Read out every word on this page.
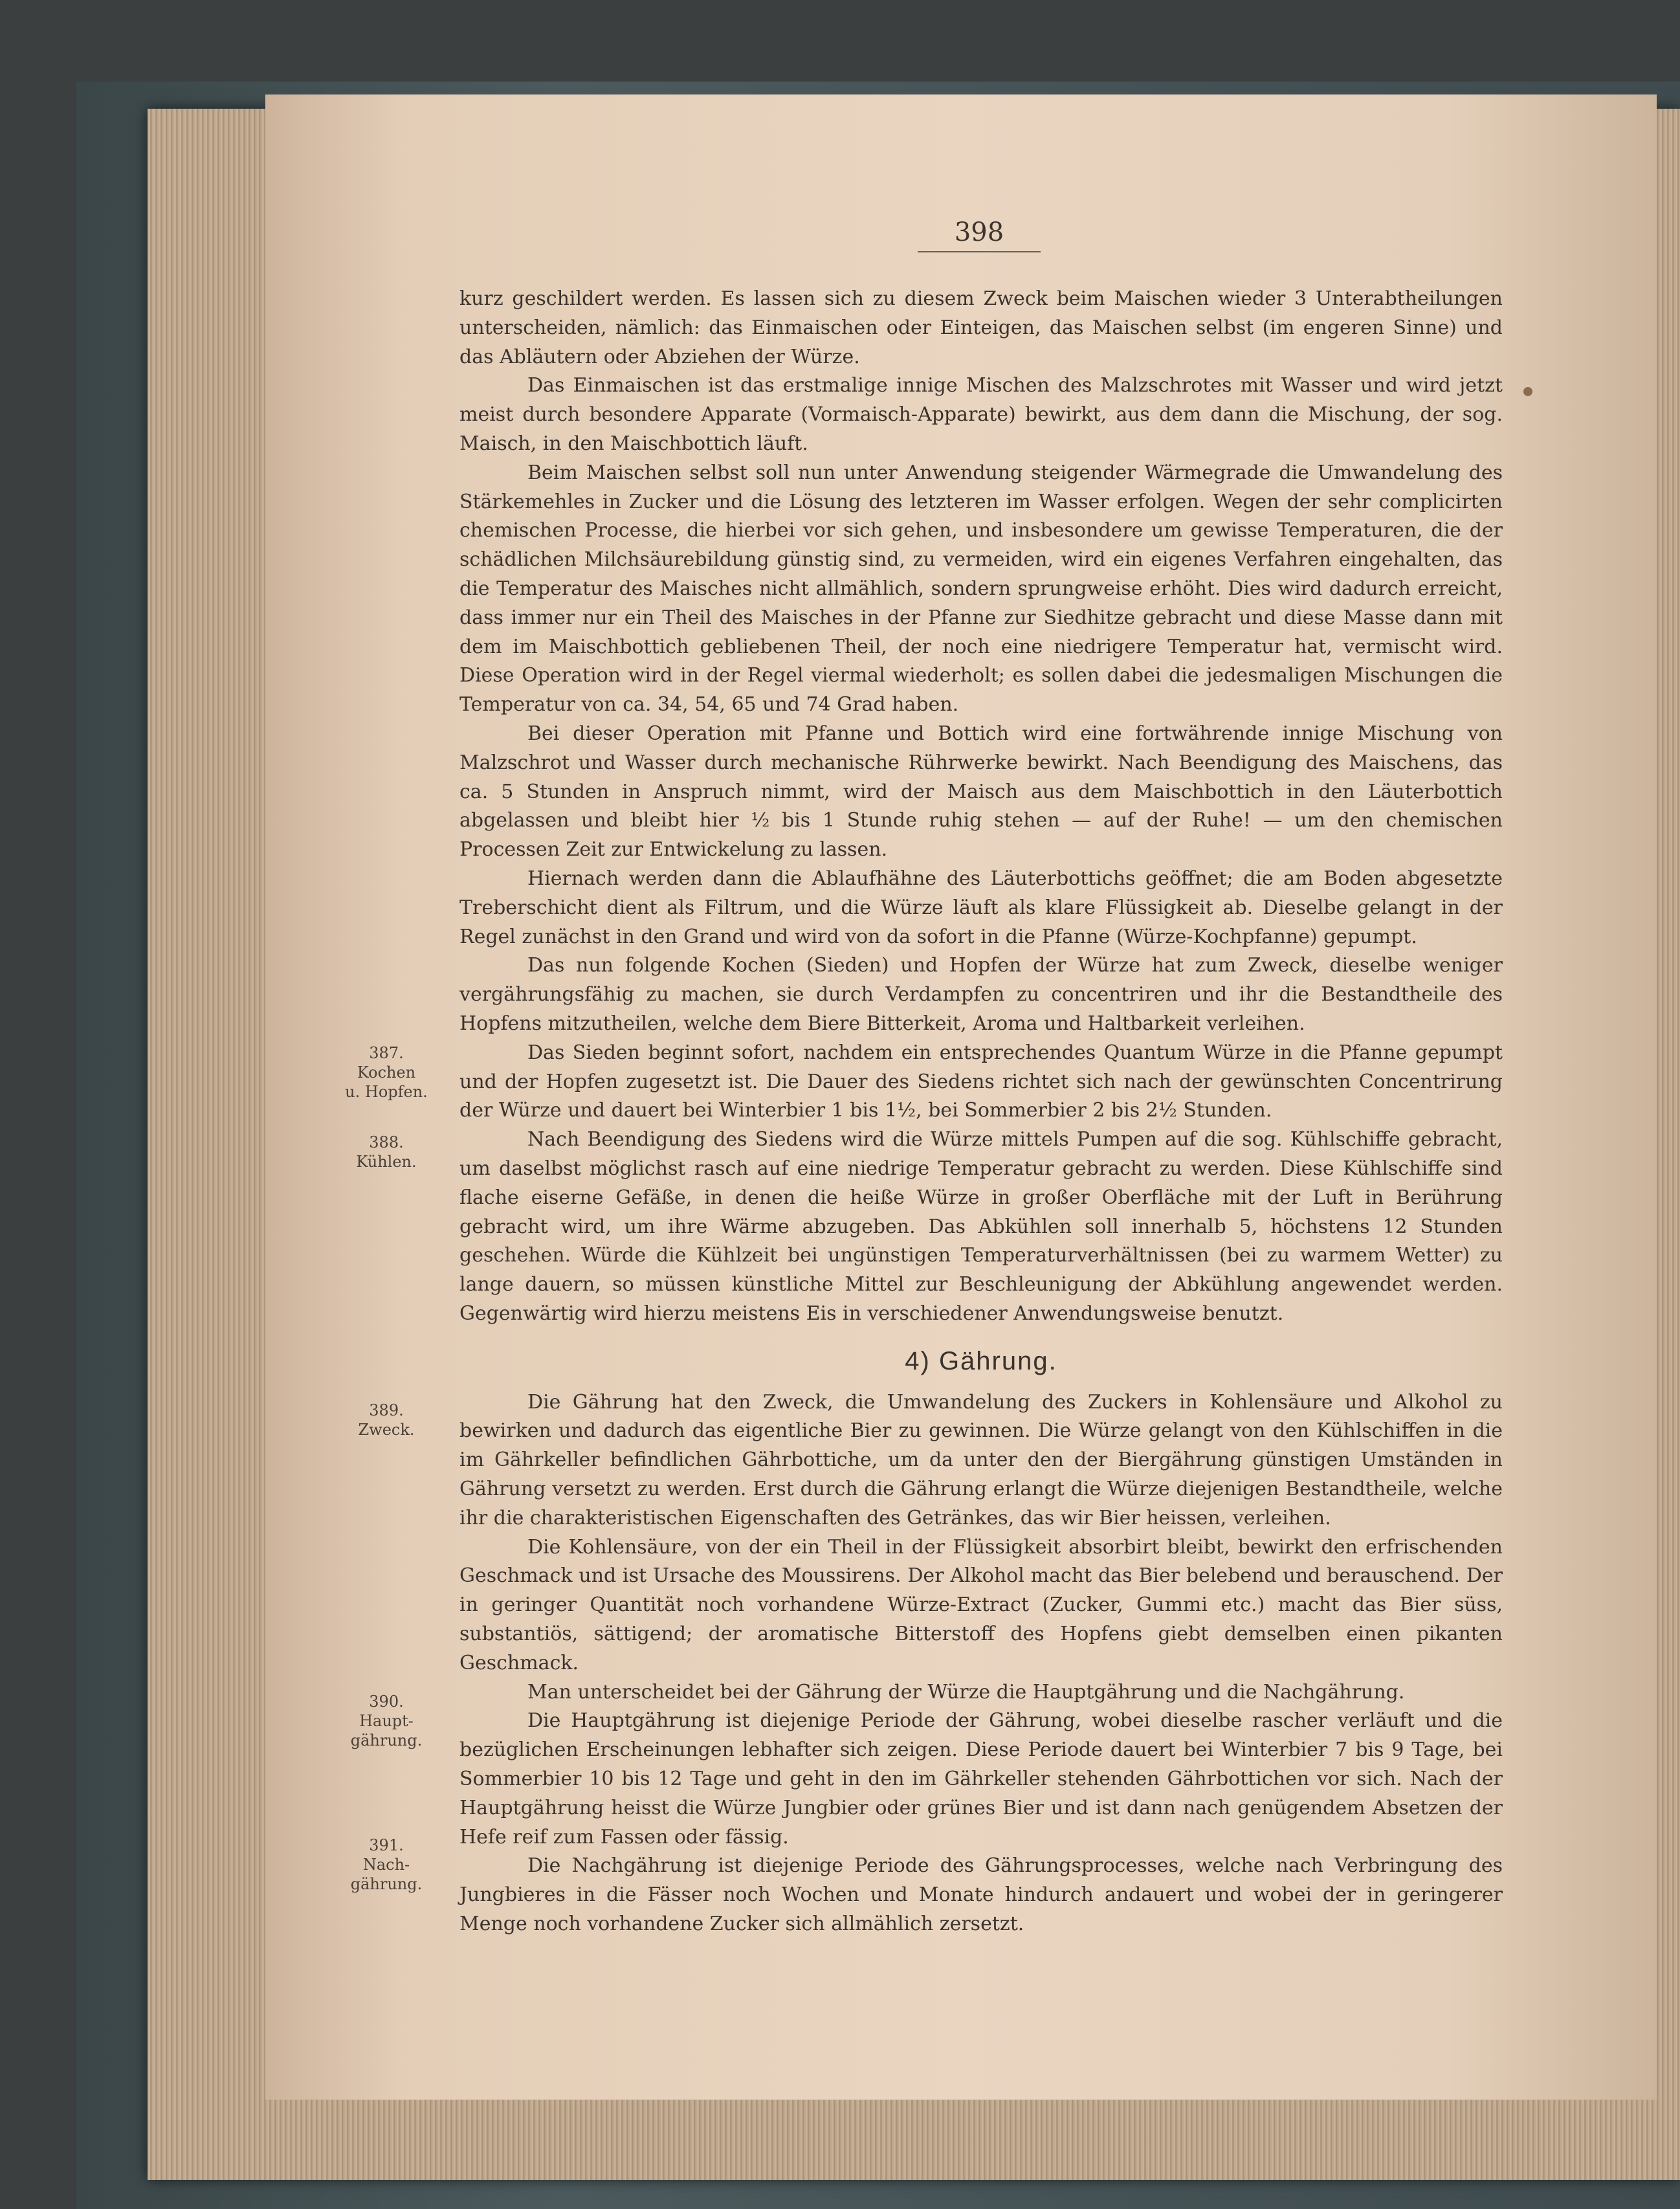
398

kurz geschildert werden. Es lassen sich zu diesem Zweck beim Maischen wieder 3 Unterabtheilungen unterscheiden, nämlich: das Einmaischen oder Einteigen, das Maischen selbst (im engeren Sinne) und das Abläutern oder Abziehen der Würze.

Das Einmaischen ist das erstmalige innige Mischen des Malzschrotes mit Wasser und wird jetzt meist durch besondere Apparate (Vormaisch-Apparate) bewirkt, aus dem dann die Mischung, der sog. Maisch, in den Maischbottich läuft.

Beim Maischen selbst soll nun unter Anwendung steigender Wärmegrade die Umwandelung des Stärkemehles in Zucker und die Lösung des letzteren im Wasser erfolgen. Wegen der sehr complicirten chemischen Processe, die hierbei vor sich gehen, und insbesondere um gewisse Temperaturen, die der schädlichen Milchsäurebildung günstig sind, zu vermeiden, wird ein eigenes Verfahren eingehalten, das die Temperatur des Maisches nicht allmählich, sondern sprungweise erhöht. Dies wird dadurch erreicht, dass immer nur ein Theil des Maisches in der Pfanne zur Siedhitze gebracht und diese Masse dann mit dem im Maischbottich gebliebenen Theil, der noch eine niedrigere Temperatur hat, vermischt wird. Diese Operation wird in der Regel viermal wiederholt; es sollen dabei die jedesmaligen Mischungen die Temperatur von ca. 34, 54, 65 und 74 Grad haben.

Bei dieser Operation mit Pfanne und Bottich wird eine fortwährende innige Mischung von Malzschrot und Wasser durch mechanische Rührwerke bewirkt. Nach Beendigung des Maischens, das ca. 5 Stunden in Anspruch nimmt, wird der Maisch aus dem Maischbottich in den Läuterbottich abgelassen und bleibt hier ½ bis 1 Stunde ruhig stehen — auf der Ruhe! — um den chemischen Processen Zeit zur Entwickelung zu lassen.

Hiernach werden dann die Ablaufhähne des Läuterbottichs geöffnet; die am Boden abgesetzte Treberschicht dient als Filtrum, und die Würze läuft als klare Flüssigkeit ab. Dieselbe gelangt in der Regel zunächst in den Grand und wird von da sofort in die Pfanne (Würze-Kochpfanne) gepumpt.

Das nun folgende Kochen (Sieden) und Hopfen der Würze hat zum Zweck, dieselbe weniger vergährungsfähig zu machen, sie durch Verdampfen zu concentriren und ihr die Bestandtheile des Hopfens mitzutheilen, welche dem Biere Bitterkeit, Aroma und Haltbarkeit verleihen.

Das Sieden beginnt sofort, nachdem ein entsprechendes Quantum Würze in die Pfanne gepumpt und der Hopfen zugesetzt ist. Die Dauer des Siedens richtet sich nach der gewünschten Concentrirung der Würze und dauert bei Winterbier 1 bis 1½, bei Sommerbier 2 bis 2½ Stunden.

Nach Beendigung des Siedens wird die Würze mittels Pumpen auf die sog. Kühlschiffe gebracht, um daselbst möglichst rasch auf eine niedrige Temperatur gebracht zu werden. Diese Kühlschiffe sind flache eiserne Gefäße, in denen die heiße Würze in großer Oberfläche mit der Luft in Berührung gebracht wird, um ihre Wärme abzugeben. Das Abkühlen soll innerhalb 5, höchstens 12 Stunden geschehen. Würde die Kühlzeit bei ungünstigen Temperaturverhältnissen (bei zu warmem Wetter) zu lange dauern, so müssen künstliche Mittel zur Beschleunigung der Abkühlung angewendet werden. Gegenwärtig wird hierzu meistens Eis in verschiedener Anwendungsweise benutzt.

4) Gährung.

Die Gährung hat den Zweck, die Umwandelung des Zuckers in Kohlensäure und Alkohol zu bewirken und dadurch das eigentliche Bier zu gewinnen. Die Würze gelangt von den Kühlschiffen in die im Gährkeller befindlichen Gährbottiche, um da unter den der Biergährung günstigen Umständen in Gährung versetzt zu werden. Erst durch die Gährung erlangt die Würze diejenigen Bestandtheile, welche ihr die charakteristischen Eigenschaften des Getränkes, das wir Bier heissen, verleihen.

Die Kohlensäure, von der ein Theil in der Flüssigkeit absorbirt bleibt, bewirkt den erfrischenden Geschmack und ist Ursache des Moussirens. Der Alkohol macht das Bier belebend und berauschend. Der in geringer Quantität noch vorhandene Würze-Extract (Zucker, Gummi etc.) macht das Bier süss, substantiös, sättigend; der aromatische Bitterstoff des Hopfens giebt demselben einen pikanten Geschmack.

Man unterscheidet bei der Gährung der Würze die Hauptgährung und die Nachgährung.

Die Hauptgährung ist diejenige Periode der Gährung, wobei dieselbe rascher verläuft und die bezüglichen Erscheinungen lebhafter sich zeigen. Diese Periode dauert bei Winterbier 7 bis 9 Tage, bei Sommerbier 10 bis 12 Tage und geht in den im Gährkeller stehenden Gährbottichen vor sich. Nach der Hauptgährung heisst die Würze Jungbier oder grünes Bier und ist dann nach genügendem Absetzen der Hefe reif zum Fassen oder fässig.

Die Nachgährung ist diejenige Periode des Gährungsprocesses, welche nach Verbringung des Jungbieres in die Fässer noch Wochen und Monate hindurch andauert und wobei der in geringerer Menge noch vorhandene Zucker sich allmählich zersetzt.

387.
Kochen
u. Hopfen.
388.
Kühlen.
389.
Zweck.
390.
Haupt-
gährung.
391.
Nach-
gährung.
